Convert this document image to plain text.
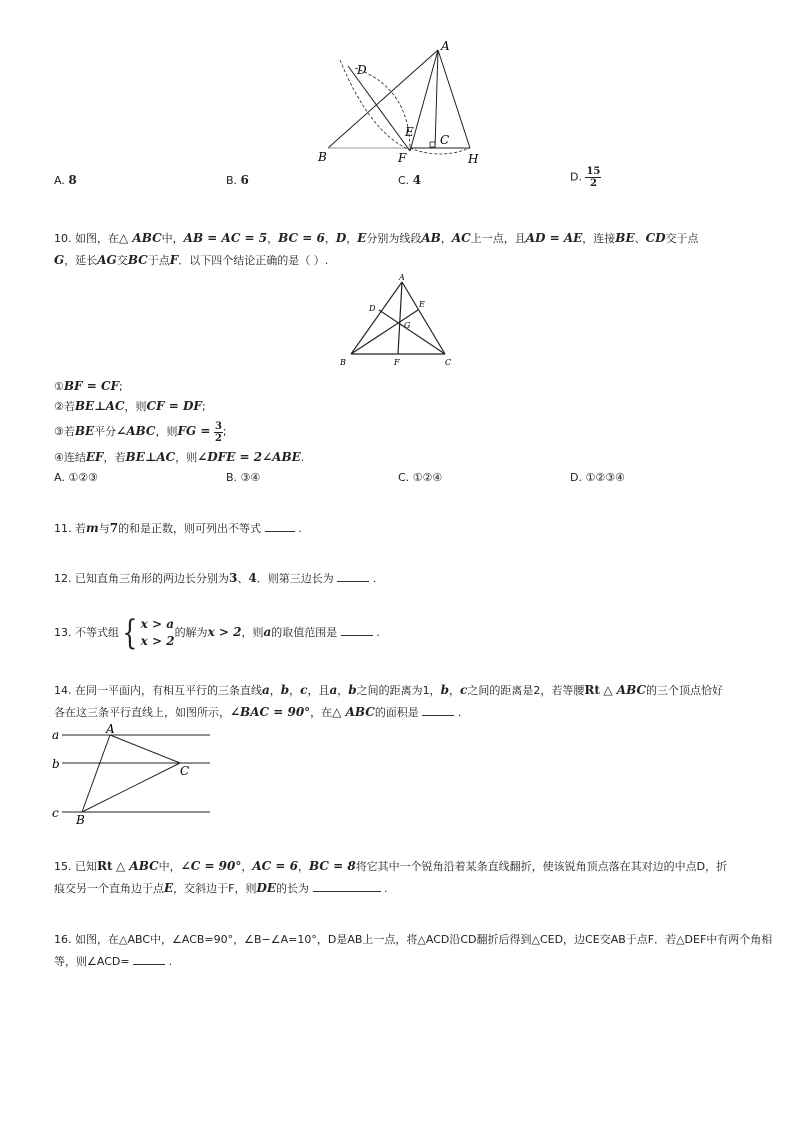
A
B
C
D
E
F	H
A. 8	B. 6	C. 4	D. $\frac{15}{2}$
10. 如图，在△ ABC中，AB = AC = 5，BC = 6，D，E分别为线段AB，AC上一点，且AD = AE，连接BE、CD交于点
G，延长AG交BC于点F．以下四个结论正确的是（ ）.
A
B	C
D	E
F
G
①BF = CF;
②若BE⊥AC，则CF = DF;
③若BE平分∠ABC，则FG = $\frac{3}{2}$ ;
④连结EF，若BE⊥AC，则∠DFE = 2∠ABE.
A. ①②③	B. ③④	C. ①②④	D. ①②③④
11. 若m与7的和是正数，则可列出不等式	.
12. 已知直角三角形的两边长分别为3、4．则第三边长为	.
13. 不等式组{ x > a
x > 2
的解为x > 2，则a的取值范围是	.
14. 在同一平面内，有相互平行的三条直线a，b，c，且a，b之间的距离为1，b，c之间的距离是2，若等腰Rt △ ABC的三个顶点恰好
各在这三条平行直线上，如图所示，∠BAC = 90°，在△ ABC的面积是	.
a
b
c
A
B
C
15. 已知Rt △ ABC中，∠C = 90°，AC = 6，BC = 8将它其中一个锐角沿着某条直线翻折，使该锐角顶点落在其对边的中点D，折
痕交另一个直角边于点E，交斜边于F，则DE的长为	.
16. 如图，在△ABC中，∠ACB=90°，∠B−∠A=10°，D是AB上一点，将△ACD沿CD翻折后得到△CED，边CE交AB于点F．若△DEF中有两个角相
等，则∠ACD=	.
